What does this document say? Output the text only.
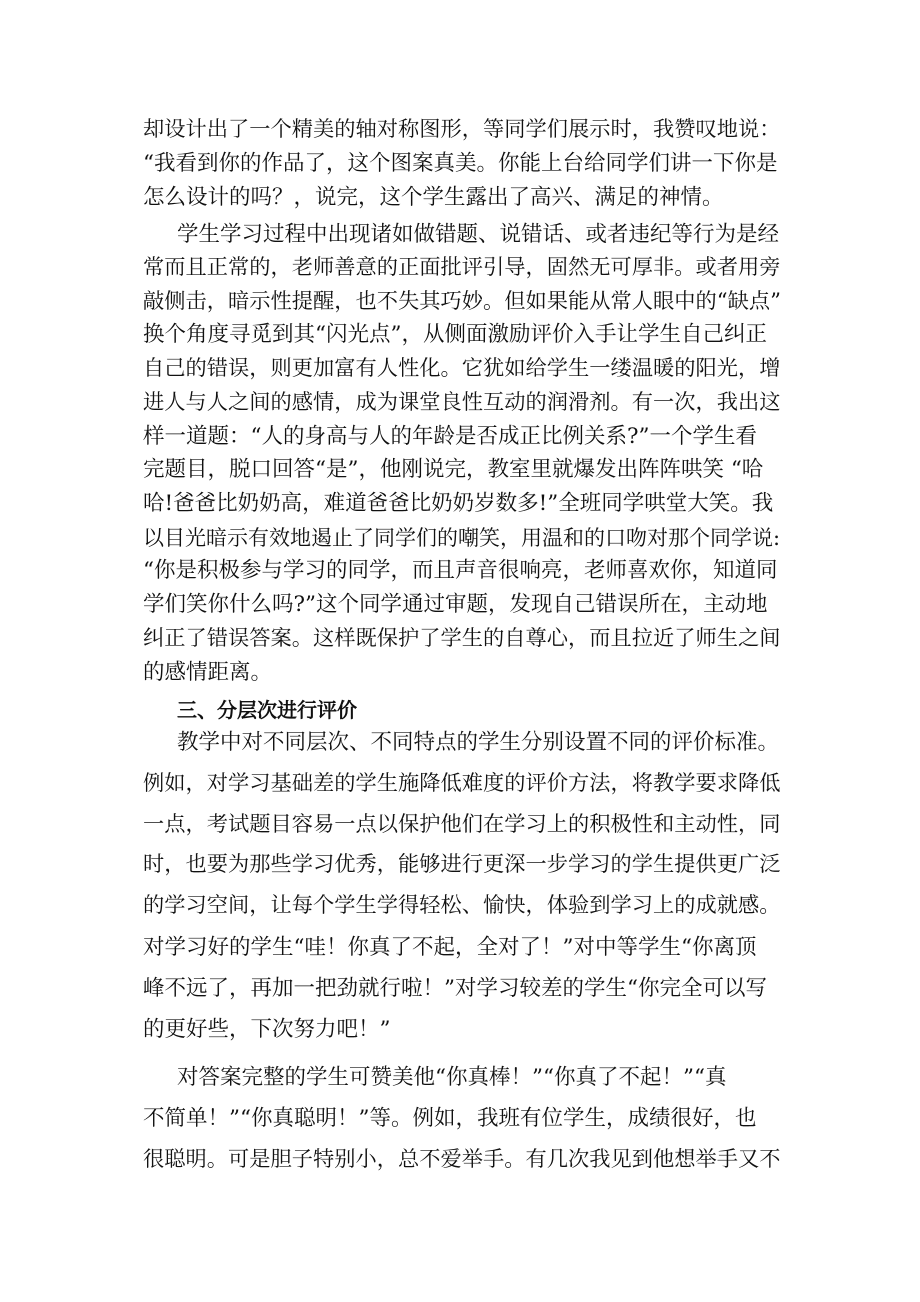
却设计出了一个精美的轴对称图形，等同学们展示时，我赞叹地说：
“我看到你的作品了，这个图案真美。你能上台给同学们讲一下你是
怎么设计的吗？，说完，这个学生露出了高兴、满足的神情。
学生学习过程中出现诸如做错题、说错话、或者违纪等行为是经
常而且正常的，老师善意的正面批评引导，固然无可厚非。或者用旁
敲侧击，暗示性提醒，也不失其巧妙。但如果能从常人眼中的“缺点”
换个角度寻觅到其“闪光点”，从侧面激励评价入手让学生自己纠正
自己的错误，则更加富有人性化。它犹如给学生一缕温暖的阳光，增
进人与人之间的感情，成为课堂良性互动的润滑剂。有一次，我出这
样一道题：“人的身高与人的年龄是否成正比例关系?”一个学生看
完题目，脱口回答“是”，他刚说完，教室里就爆发出阵阵哄笑 “哈
哈!爸爸比奶奶高，难道爸爸比奶奶岁数多!”全班同学哄堂大笑。我
以目光暗示有效地遏止了同学们的嘲笑，用温和的口吻对那个同学说:
“你是积极参与学习的同学，而且声音很响亮，老师喜欢你，知道同
学们笑你什么吗?”这个同学通过审题，发现自己错误所在，主动地
纠正了错误答案。这样既保护了学生的自尊心，而且拉近了师生之间
的感情距离。
三、分层次进行评价
教学中对不同层次、不同特点的学生分别设置不同的评价标准。
例如，对学习基础差的学生施降低难度的评价方法，将教学要求降低
一点，考试题目容易一点以保护他们在学习上的积极性和主动性，同
时，也要为那些学习优秀，能够进行更深一步学习的学生提供更广泛
的学习空间，让每个学生学得轻松、愉快，体验到学习上的成就感。
对学习好的学生“哇！你真了不起，全对了！”对中等学生“你离顶
峰不远了，再加一把劲就行啦！”对学习较差的学生“你完全可以写
的更好些，下次努力吧！”
对答案完整的学生可赞美他“你真棒！”“你真了不起！”“真
不简单！”“你真聪明！”等。例如，我班有位学生，成绩很好，也
很聪明。可是胆子特别小，总不爱举手。有几次我见到他想举手又不
